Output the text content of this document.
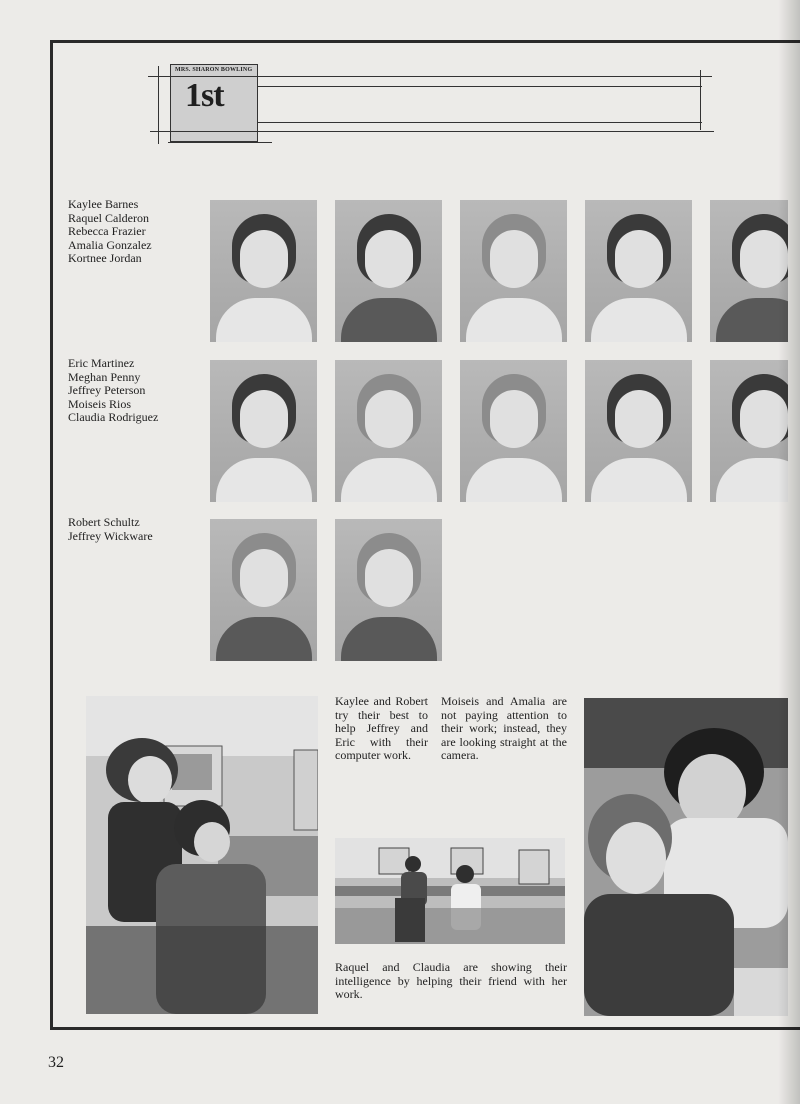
MRS. SHARON BOWLING
1st
Kaylee Barnes
Raquel Calderon
Rebecca Frazier
Amalia Gonzalez
Kortnee Jordan
Eric Martinez
Meghan Penny
Jeffrey Peterson
Moiseis Rios
Claudia Rodriguez
Robert Schultz
Jeffrey Wickware
Kaylee and Robert try their best to help Jeffrey and Eric with their computer work.
Moiseis and Amalia are not paying attention to their work; instead, they are looking straight at the camera.
Raquel and Claudia are showing their intelligence by helping their friend with her work.
32
